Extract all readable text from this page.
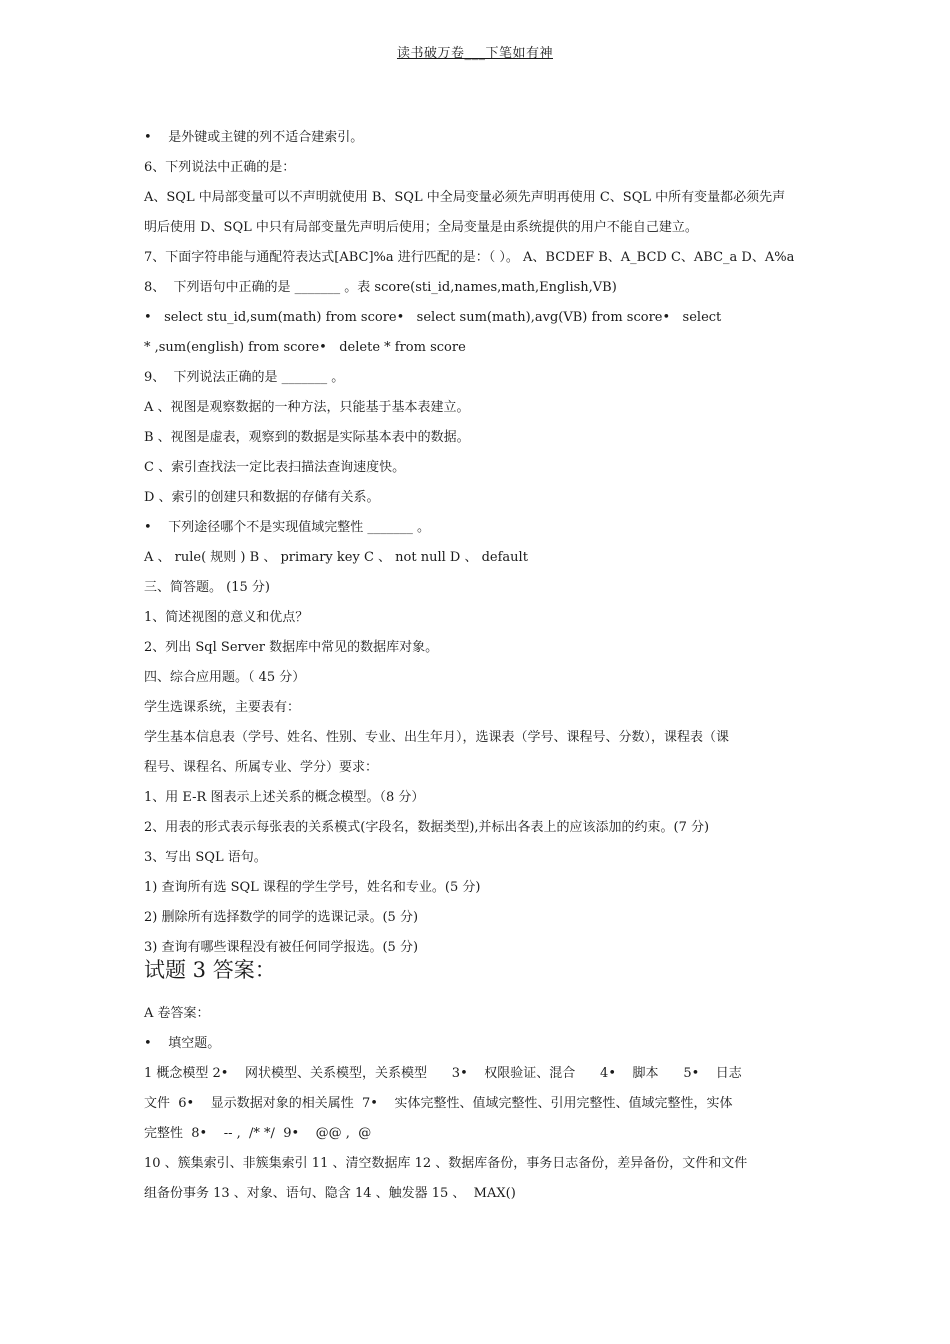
读书破万卷___下笔如有神
•    是外键或主键的列不适合建索引。
6、下列说法中正确的是：
A、SQL 中局部变量可以不声明就使用 B、SQL 中全局变量必须先声明再使用 C、SQL 中所有变量都必须先声
明后使用 D、SQL 中只有局部变量先声明后使用；全局变量是由系统提供的用户不能自己建立。
7、下面字符串能与通配符表达式[ABC]%a 进行匹配的是：（ ）。 A、BCDEF B、A_BCD C、ABC_a D、A%a
8、  下列语句中正确的是 _______ 。表 score(sti_id,names,math,English,VB)
•   select stu_id,sum(math) from score•   select sum(math),avg(VB) from score•   select
* ,sum(english) from score•   delete * from score
9、  下列说法正确的是 _______ 。
A 、视图是观察数据的一种方法，只能基于基本表建立。
B 、视图是虚表，观察到的数据是实际基本表中的数据。
C 、索引查找法一定比表扫描法查询速度快。
D 、索引的创建只和数据的存储有关系。
•    下列途径哪个不是实现值域完整性 _______ 。
A 、 rule( 规则 ) B 、 primary key C 、 not null D 、 default
三、简答题。 (15 分)
1、简述视图的意义和优点？
2、列出 Sql Server 数据库中常见的数据库对象。
四、综合应用题。（ 45 分）
学生选课系统，主要表有：
学生基本信息表（学号、姓名、性别、专业、出生年月），选课表（学号、课程号、分数），课程表（课
程号、课程名、所属专业、学分）要求：
1、用 E-R 图表示上述关系的概念模型。（8 分）
2、用表的形式表示每张表的关系模式(字段名，数据类型),并标出各表上的应该添加的约束。(7 分)
3、写出 SQL 语句。
1) 查询所有选 SQL 课程的学生学号，姓名和专业。(5 分)
2) 删除所有选择数学的同学的选课记录。(5 分)
3) 查询有哪些课程没有被任何同学报选。(5 分)
试题 3 答案：
A 卷答案：
•    填空题。
1 概念模型 2•    网状模型、关系模型，关系模型      3•    权限验证、混合      4•    脚本      5•    日志
文件  6•    显示数据对象的相关属性  7•    实体完整性、值域完整性、引用完整性、值域完整性，实体
完整性  8•    -- ,  /* */  9•    @@ ,  @
10 、簇集索引、非簇集索引 11 、清空数据库 12 、数据库备份，事务日志备份，差异备份，文件和文件
组备份事务 13 、对象、语句、隐含 14 、触发器 15 、  MAX()
